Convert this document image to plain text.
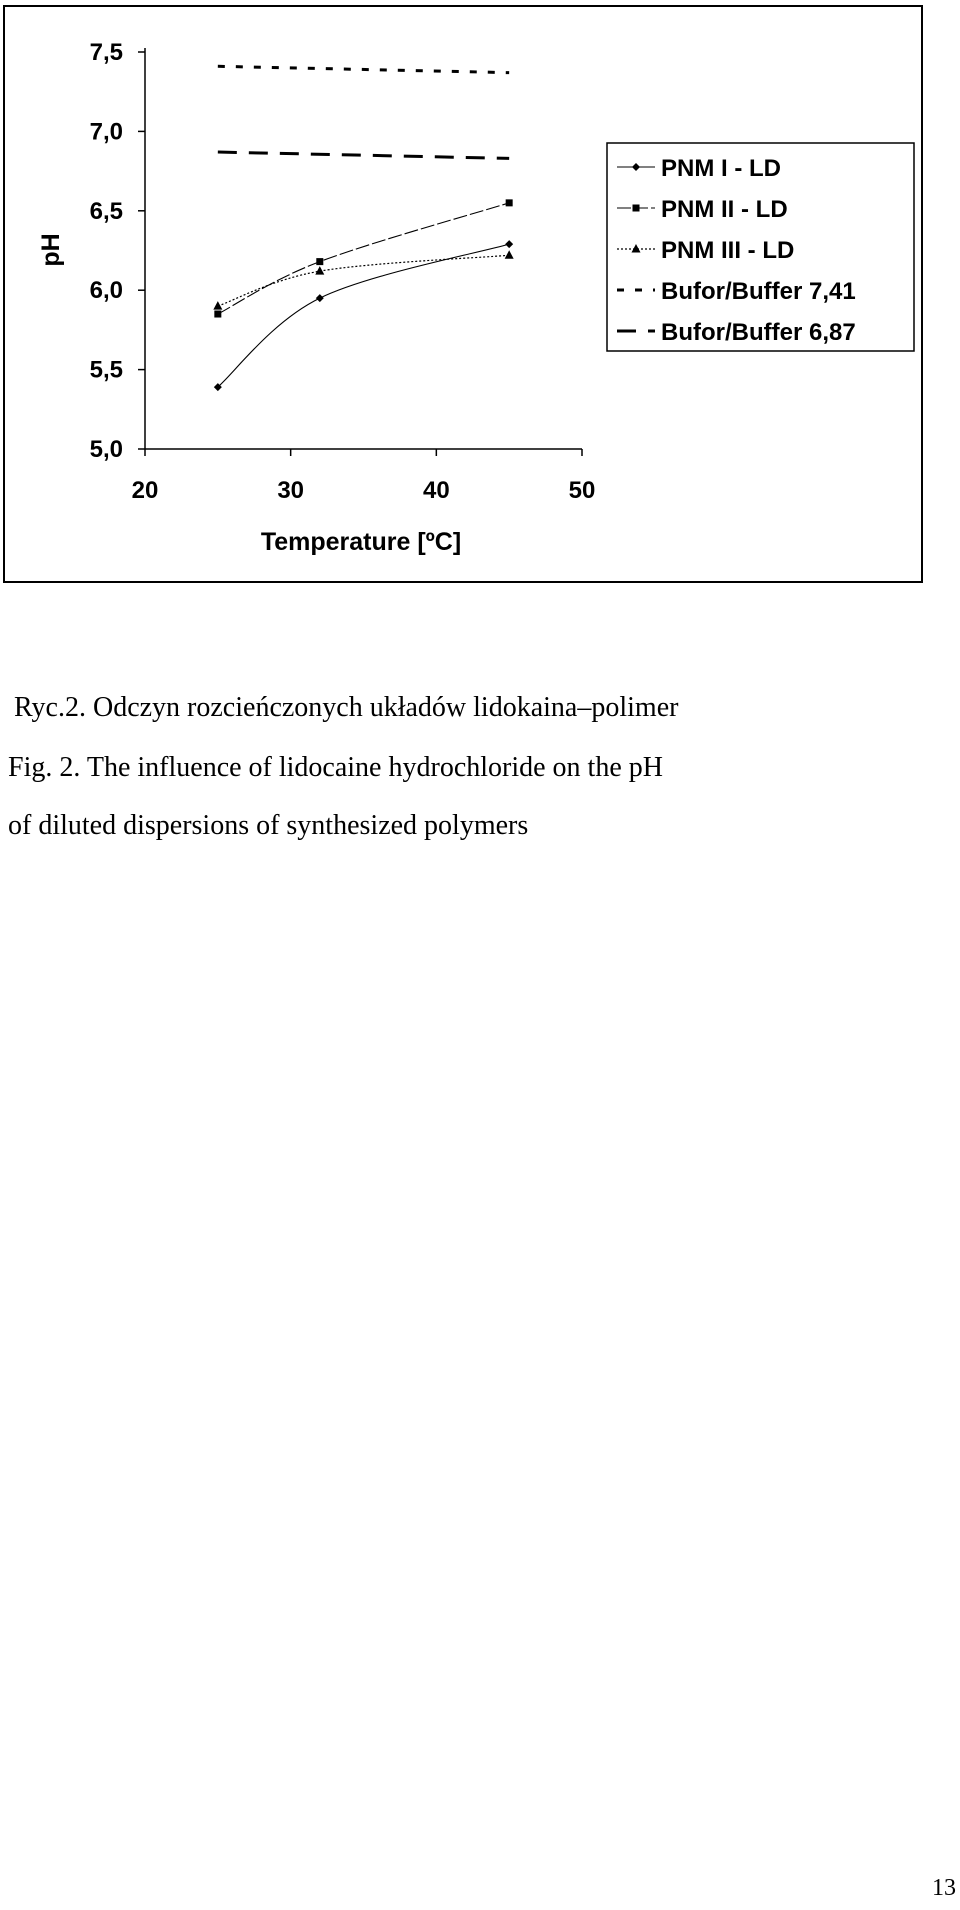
5,0
5,5
6,0
6,5
7,0
7,5
20	30	40	50
PNM I - LD
PNM II - LD
PNM III - LD
Bufor/Buffer 7,41
Bufor/Buffer 6,87
Temperature [ºC]
pH

Ryc.2. Odczyn rozcieńczonych układów lidokaina–polimer

Fig. 2. The influence of lidocaine hydrochloride on the pH

of diluted dispersions of synthesized polymers

13
